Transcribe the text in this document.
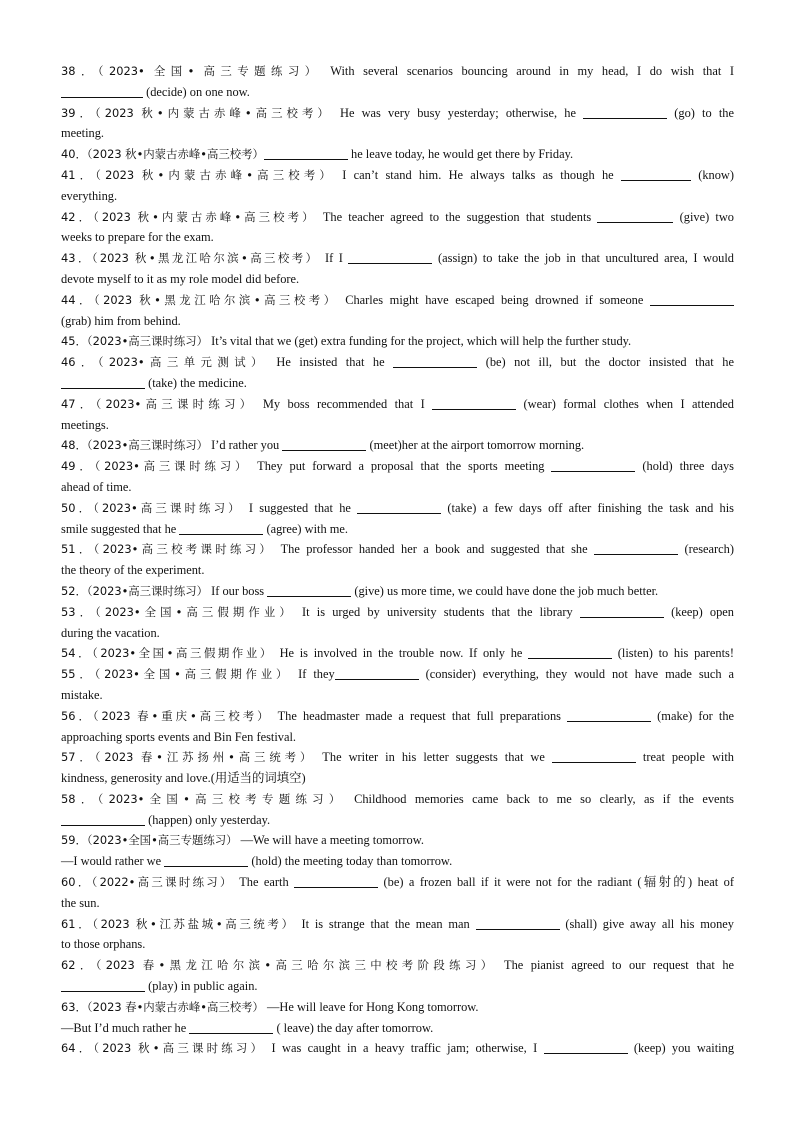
38．（2023• 全国• 高三专题练习） With several scenarios bouncing around in my head, I do wish that I
(decide) on one now.
39．（2023 秋•内蒙古赤峰•高三校考） He was very busy yesterday; otherwise, he	(go) to the
meeting.
40．（2023 秋•内蒙古赤峰•高三校考）	he leave today, he would get there by Friday.
41．（2023 秋•内蒙古赤峰•高三校考） I can’t stand him. He always talks as though he	(know)
everything.
42．（2023 秋•内蒙古赤峰•高三校考） The teacher agreed to the suggestion that students	(give) two
weeks to prepare for the exam.
43．（2023 秋•黑龙江哈尔滨•高三校考） If I	(assign) to take the job in that uncultured area, I would
devote myself to it as my role model did before.
44．（2023 秋•黑龙江哈尔滨•高三校考） Charles might have escaped being drowned if someone
(grab) him from behind.
45．（2023•高三课时练习） It’s vital that we (get) extra funding for the project, which will help the further study.
46．（2023•高三单元测试） He insisted that he	(be) not ill, but the doctor insisted that he
(take) the medicine.
47．（2023•高三课时练习） My boss recommended that I	(wear) formal clothes when I attended
meetings.
48．（2023•高三课时练习） I’d rather you	(meet)her at the airport tomorrow morning.
49．（2023•高三课时练习） They put forward a proposal that the sports meeting	(hold) three days
ahead of time.
50．（2023•高三课时练习） I suggested that he	(take) a few days off after finishing the task and his
smile suggested that he	(agree) with me.
51．（2023•高三校考课时练习） The professor handed her a book and suggested that she	(research)
the theory of the experiment.
52．（2023•高三课时练习） If our boss	(give) us more time, we could have done the job much better.
53．（2023•全国•高三假期作业） It is urged by university students that the library	(keep) open
during the vacation.
54．（2023•全国•高三假期作业） He is involved in the trouble now. If only he	(listen) to his parents!
55．（2023•全国•高三假期作业） If they	(consider) everything, they would not have made such a
mistake.
56．（2023 春•重庆•高三校考） The headmaster made a request that full preparations	(make) for the
approaching sports events and Bin Fen festival.
57．（2023 春•江苏扬州•高三统考） The writer in his letter suggests that we	treat people with
kindness, generosity and love.(用适当的词填空)
58．（2023•全国•高三校考专题练习） Childhood memories came back to me so clearly, as if the events
(happen) only yesterday.
59．（2023•全国•高三专题练习） —We will have a meeting tomorrow.
—I would rather we	(hold) the meeting today than tomorrow.
60．（2022•高三课时练习） The earth	(be) a frozen ball if it were not for the radiant (辐射的) heat of
the sun.
61．（2023 秋•江苏盐城•高三统考） It is strange that the mean man	(shall) give away all his money
to those orphans.
62．（2023 春•黑龙江哈尔滨•高三哈尔滨三中校考阶段练习） The pianist agreed to our request that he
(play) in public again.
63．（2023 春•内蒙古赤峰•高三校考） —He will leave for Hong Kong tomorrow.
—But I’d much rather he	( leave) the day after tomorrow.
64．（2023 秋•高三课时练习） I was caught in a heavy traffic jam; otherwise, I	(keep) you waiting
